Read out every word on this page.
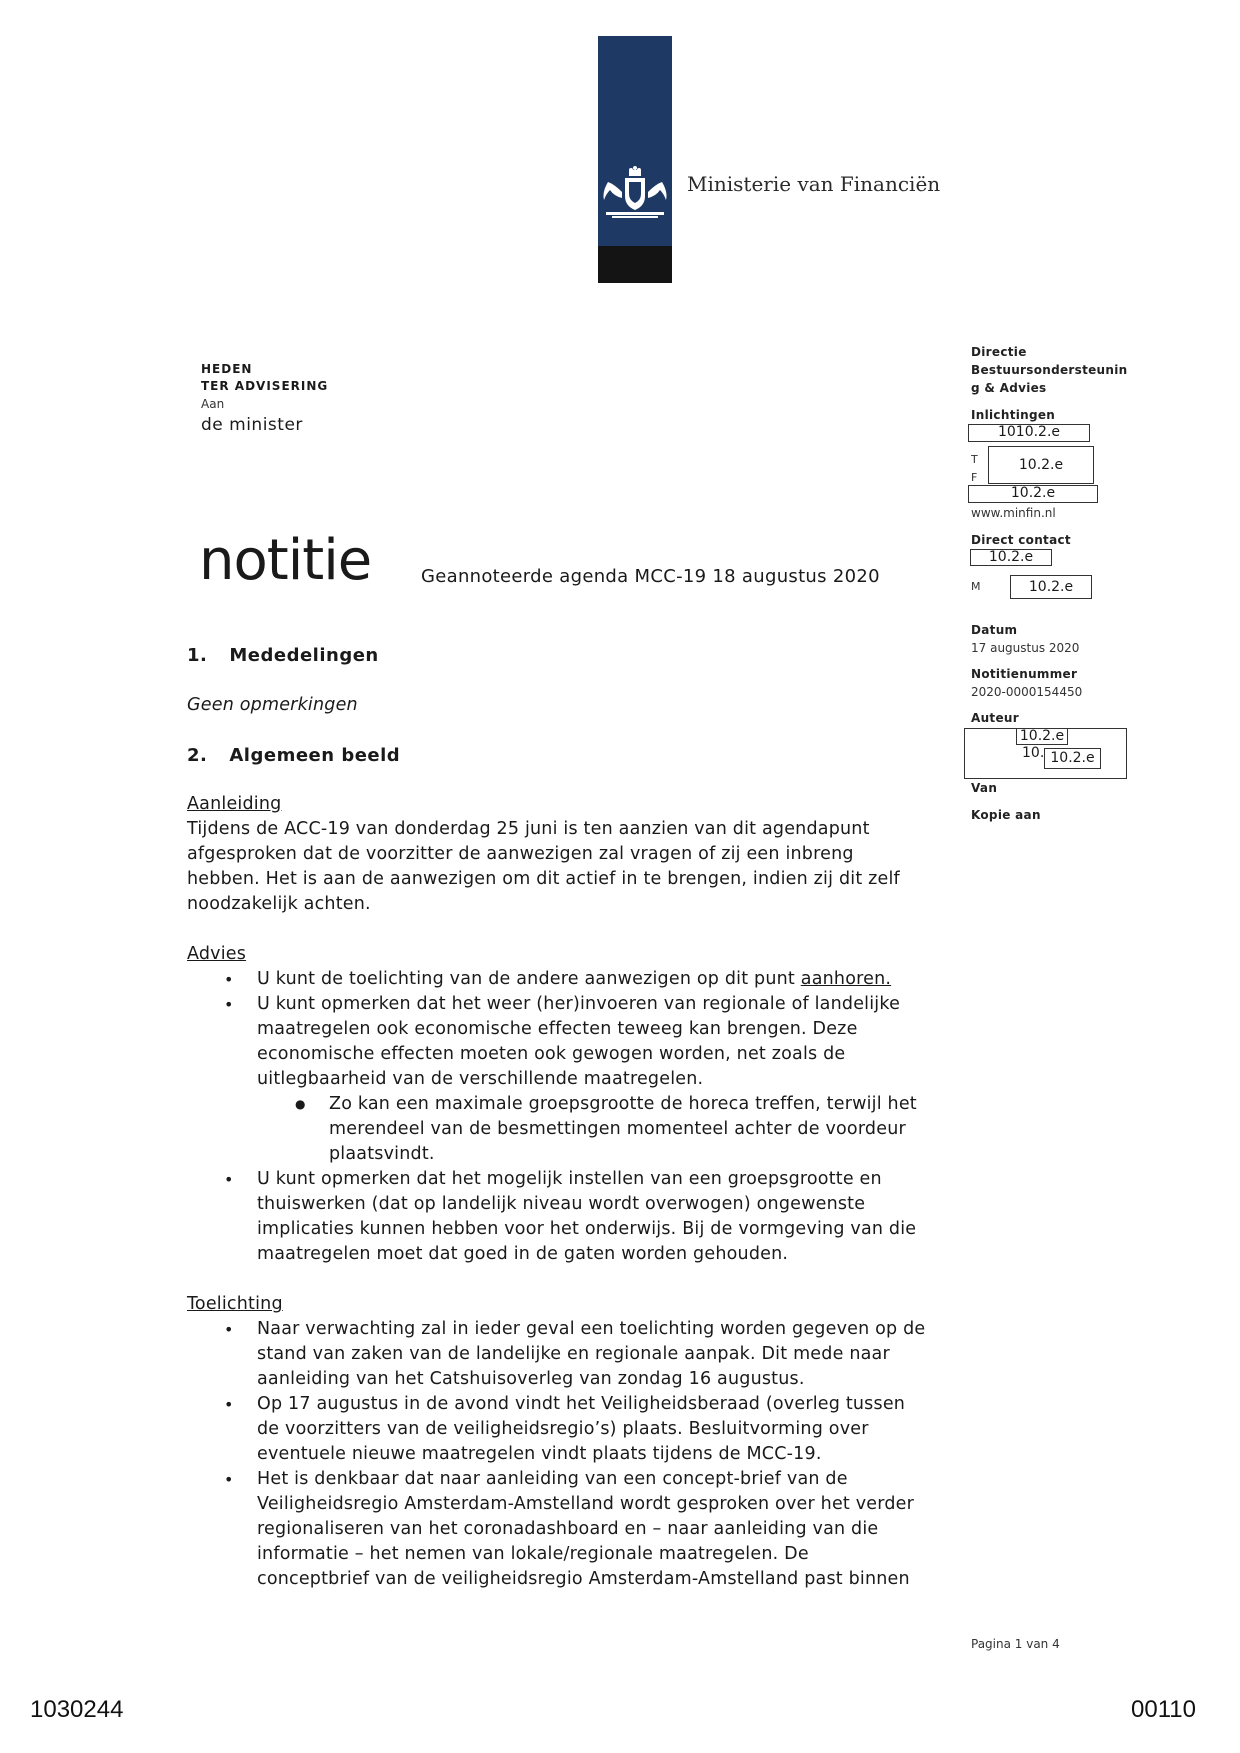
Ministerie van Financiën
HEDEN
TER ADVISERING
Aan
de minister
notitie	Geannoteerde agenda MCC-19 18 augustus 2020
Directie
Bestuursondersteunin
g & Advies
Inlichtingen
1010.2.e
T	10.2.e
F
10.2.e
www.minfin.nl
Direct contact
10.2.e
M	10.2.e
Datum
17 augustus 2020
Notitienummer
2020-0000154450
Auteur
10.2.e
10. 10.2.e
Van
Kopie aan
1. Mededelingen
Geen opmerkingen
2. Algemeen beeld
Aanleiding
Tijdens de ACC-19 van donderdag 25 juni is ten aanzien van dit agendapunt
afgesproken dat de voorzitter de aanwezigen zal vragen of zij een inbreng
hebben. Het is aan de aanwezigen om dit actief in te brengen, indien zij dit zelf
noodzakelijk achten.
Advies
• U kunt de toelichting van de andere aanwezigen op dit punt aanhoren.
• U kunt opmerken dat het weer (her)invoeren van regionale of landelijke
maatregelen ook economische effecten teweeg kan brengen. Deze
economische effecten moeten ook gewogen worden, net zoals de
uitlegbaarheid van de verschillende maatregelen.
● Zo kan een maximale groepsgrootte de horeca treffen, terwijl het
merendeel van de besmettingen momenteel achter de voordeur
plaatsvindt.
• U kunt opmerken dat het mogelijk instellen van een groepsgrootte en
thuiswerken (dat op landelijk niveau wordt overwogen) ongewenste
implicaties kunnen hebben voor het onderwijs. Bij de vormgeving van die
maatregelen moet dat goed in de gaten worden gehouden.
Toelichting
• Naar verwachting zal in ieder geval een toelichting worden gegeven op de
stand van zaken van de landelijke en regionale aanpak. Dit mede naar
aanleiding van het Catshuisoverleg van zondag 16 augustus.
• Op 17 augustus in de avond vindt het Veiligheidsberaad (overleg tussen
de voorzitters van de veiligheidsregio’s) plaats. Besluitvorming over
eventuele nieuwe maatregelen vindt plaats tijdens de MCC-19.
• Het is denkbaar dat naar aanleiding van een concept-brief van de
Veiligheidsregio Amsterdam-Amstelland wordt gesproken over het verder
regionaliseren van het coronadashboard en – naar aanleiding van die
informatie – het nemen van lokale/regionale maatregelen. De
conceptbrief van de veiligheidsregio Amsterdam-Amstelland past binnen
Pagina 1 van 4
1030244	00110
